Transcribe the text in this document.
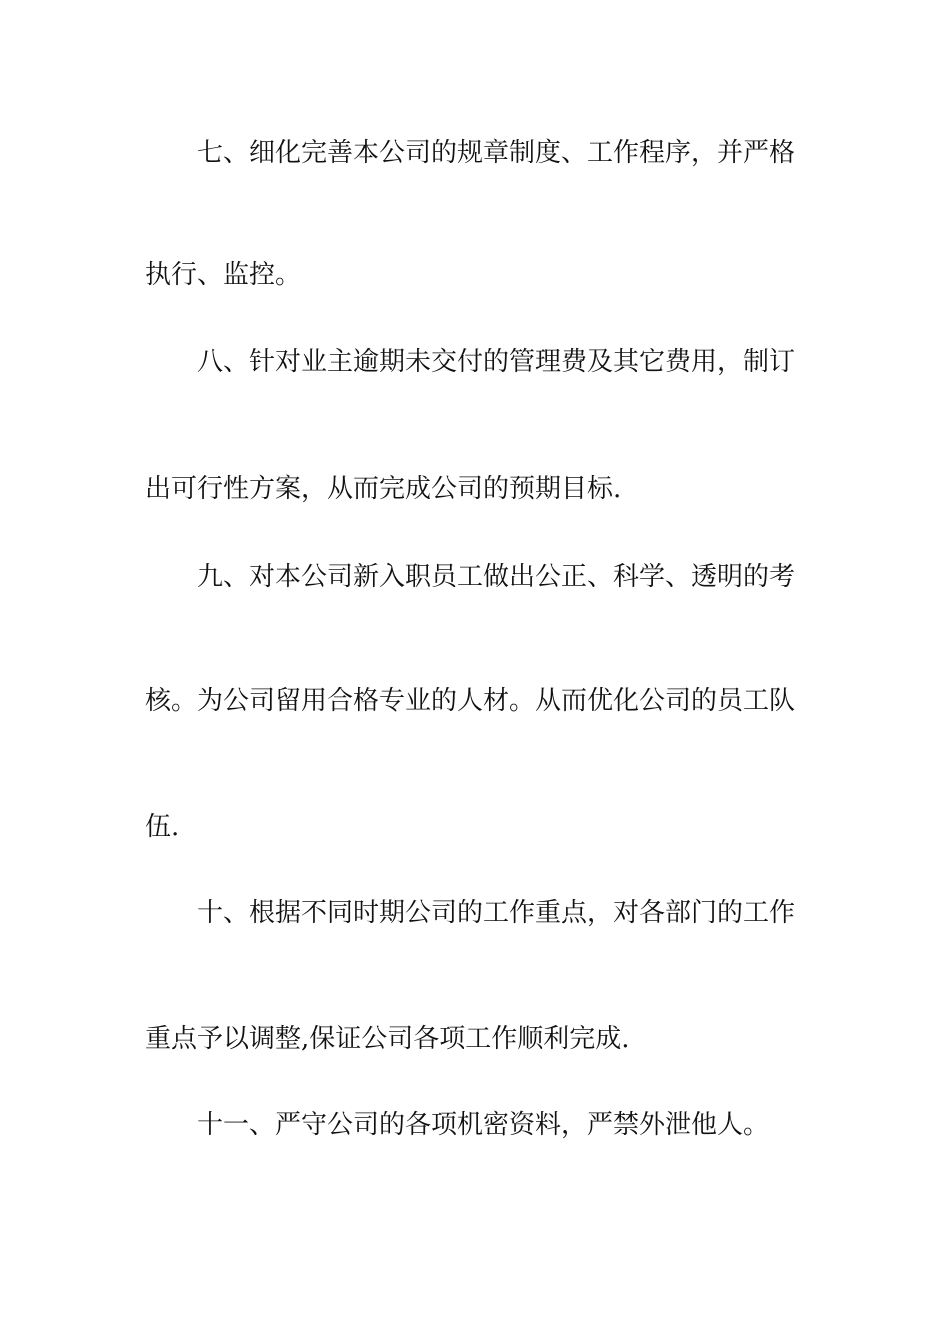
七、细化完善本公司的规章制度、工作程序，并严格
执行、监控。
八、针对业主逾期未交付的管理费及其它费用，制订
出可行性方案，从而完成公司的预期目标.
九、对本公司新入职员工做出公正、科学、透明的考
核。为公司留用合格专业的人材。从而优化公司的员工队
伍.
十、根据不同时期公司的工作重点，对各部门的工作
重点予以调整,保证公司各项工作顺利完成.
十一、严守公司的各项机密资料，严禁外泄他人。
